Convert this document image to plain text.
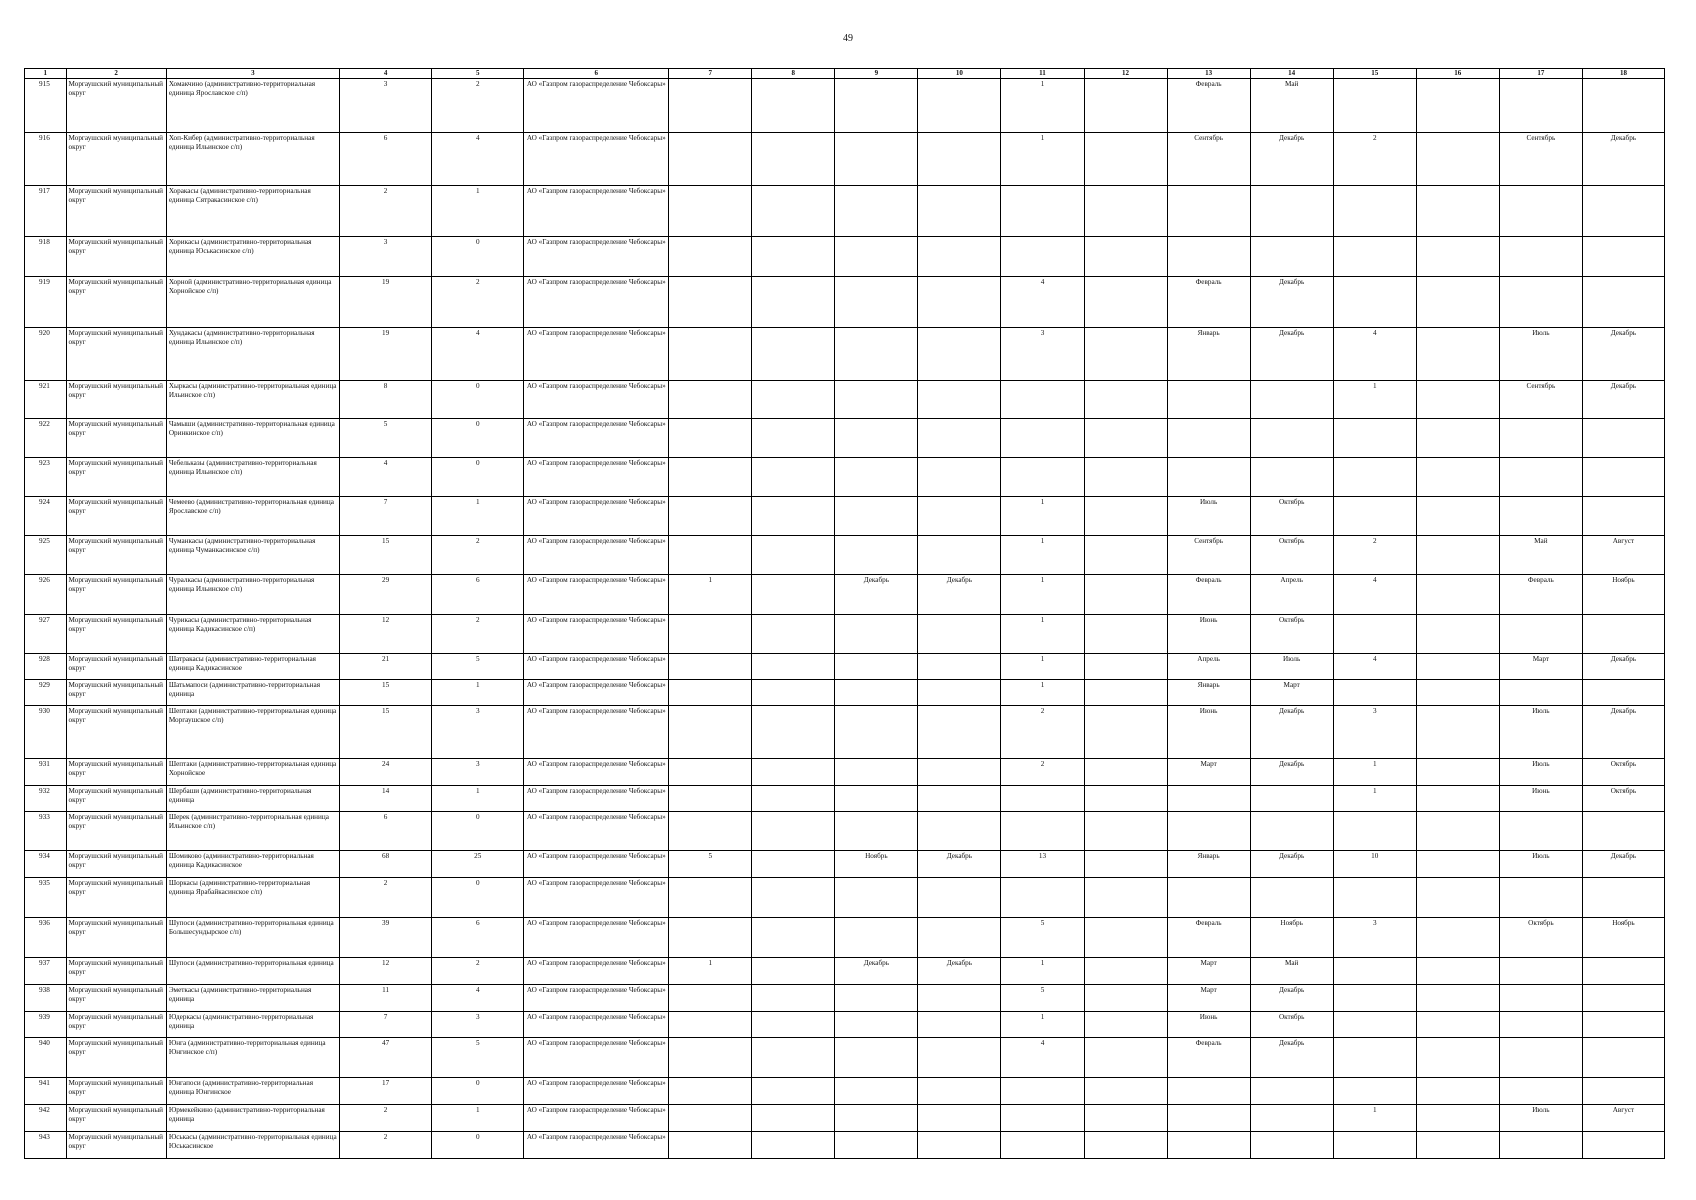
49
1	2	3	4	5	6	7	8	9	10	11	12	13	14	15	16	17	18
915	Моргаушский муниципальный округ	Хомакчино (административно-территориальная единица Ярославское с/п)	3	2	АО «Газпром газораспределение Чебоксары»					1		Февраль	Май				
916	Моргаушский муниципальный округ	Хоп-Кибер (административно-территориальная единица Ильинское с/п)	6	4	АО «Газпром газораспределение Чебоксары»					1		Сентябрь	Декабрь	2		Сентябрь	Декабрь
917	Моргаушский муниципальный округ	Хоракасы (административно-территориальная единица Сятракасинское с/п)	2	1	АО «Газпром газораспределение Чебоксары»												
918	Моргаушский муниципальный округ	Хорикасы (административно-территориальная единица Юськасинское с/п)	3	0	АО «Газпром газораспределение Чебоксары»												
919	Моргаушский муниципальный округ	Хорной (административно-территориальная единица Хорнойское с/п)	19	2	АО «Газпром газораспределение Чебоксары»					4		Февраль	Декабрь				
920	Моргаушский муниципальный округ	Хундакасы (административно-территориальная единица Ильинское с/п)	19	4	АО «Газпром газораспределение Чебоксары»					3		Январь	Декабрь	4		Июль	Декабрь
921	Моргаушский муниципальный округ	Хыркасы (административно-территориальная единица Ильинское с/п)	8	0	АО «Газпром газораспределение Чебоксары»									1		Сентябрь	Декабрь
922	Моргаушский муниципальный округ	Чамыши (административно-территориальная единица Оринкинское с/п)	5	0	АО «Газпром газораспределение Чебоксары»												
923	Моргаушский муниципальный округ	Чебельказы (административно-территориальная единица Ильинское с/п)	4	0	АО «Газпром газораспределение Чебоксары»												
924	Моргаушский муниципальный округ	Чемеево (административно-территориальная единица Ярославское с/п)	7	1	АО «Газпром газораспределение Чебоксары»					1		Июль	Октябрь				
925	Моргаушский муниципальный округ	Чуманкасы (административно-территориальная единица Чуманкасинское с/п)	15	2	АО «Газпром газораспределение Чебоксары»					1		Сентябрь	Октябрь	2		Май	Август
926	Моргаушский муниципальный округ	Чуралкасы (административно-территориальная единица Ильинское с/п)	29	6	АО «Газпром газораспределение Чебоксары»	1		Декабрь	Декабрь	1		Февраль	Апрель	4		Февраль	Ноябрь
927	Моргаушский муниципальный округ	Чурикасы (административно-территориальная единица Кадикасинское с/п)	12	2	АО «Газпром газораспределение Чебоксары»					1		Июнь	Октябрь				
928	Моргаушский муниципальный округ	Шатракасы (административно-территориальная единица Кадикасинское	21	5	АО «Газпром газораспределение Чебоксары»					1		Апрель	Июль	4		Март	Декабрь
929	Моргаушский муниципальный округ	Шатьмапоси (административно-территориальная единица	15	1	АО «Газпром газораспределение Чебоксары»					1		Январь	Март				
930	Моргаушский муниципальный округ	Шептаки (административно-территориальная единица Моргаушское с/п)	15	3	АО «Газпром газораспределение Чебоксары»					2		Июнь	Декабрь	3		Июль	Декабрь
931	Моргаушский муниципальный округ	Шептаки (административно-территориальная единица Хорнойское	24	3	АО «Газпром газораспределение Чебоксары»					2		Март	Декабрь	1		Июль	Октябрь
932	Моргаушский муниципальный округ	Шербаши (административно-территориальная единица	14	1	АО «Газпром газораспределение Чебоксары»									1		Июнь	Октябрь
933	Моргаушский муниципальный округ	Шерек (административно-территориальная единица Ильинское с/п)	6	0	АО «Газпром газораспределение Чебоксары»												
934	Моргаушский муниципальный округ	Шомиково (административно-территориальная единица Кадикасинское	68	25	АО «Газпром газораспределение Чебоксары»	5		Ноябрь	Декабрь	13		Январь	Декабрь	10		Июль	Декабрь
935	Моргаушский муниципальный округ	Шоркасы (административно-территориальная единица Ярабайкасинское с/п)	2	0	АО «Газпром газораспределение Чебоксары»												
936	Моргаушский муниципальный округ	Шупоси (административно-территориальная единица Большесундырское с/п)	39	6	АО «Газпром газораспределение Чебоксары»					5		Февраль	Ноябрь	3		Октябрь	Ноябрь
937	Моргаушский муниципальный округ	Шупоси (административно-территориальная единица	12	2	АО «Газпром газораспределение Чебоксары»	1		Декабрь	Декабрь	1		Март	Май				
938	Моргаушский муниципальный округ	Эметкасы (административно-территориальная единица	11	4	АО «Газпром газораспределение Чебоксары»					5		Март	Декабрь				
939	Моргаушский муниципальный округ	Юдеркасы (административно-территориальная единица	7	3	АО «Газпром газораспределение Чебоксары»					1		Июнь	Октябрь				
940	Моргаушский муниципальный округ	Юнга (административно-территориальная единица Юнгинское с/п)	47	5	АО «Газпром газораспределение Чебоксары»					4		Февраль	Декабрь				
941	Моргаушский муниципальный округ	Юнгапоси (административно-территориальная единица Юнгинское	17	0	АО «Газпром газораспределение Чебоксары»												
942	Моргаушский муниципальный округ	Юрмекейкино (административно-территориальная единица	2	1	АО «Газпром газораспределение Чебоксары»									1		Июль	Август
943	Моргаушский муниципальный округ	Юськасы (административно-территориальная единица Юськасинское	2	0	АО «Газпром газораспределение Чебоксары»												
